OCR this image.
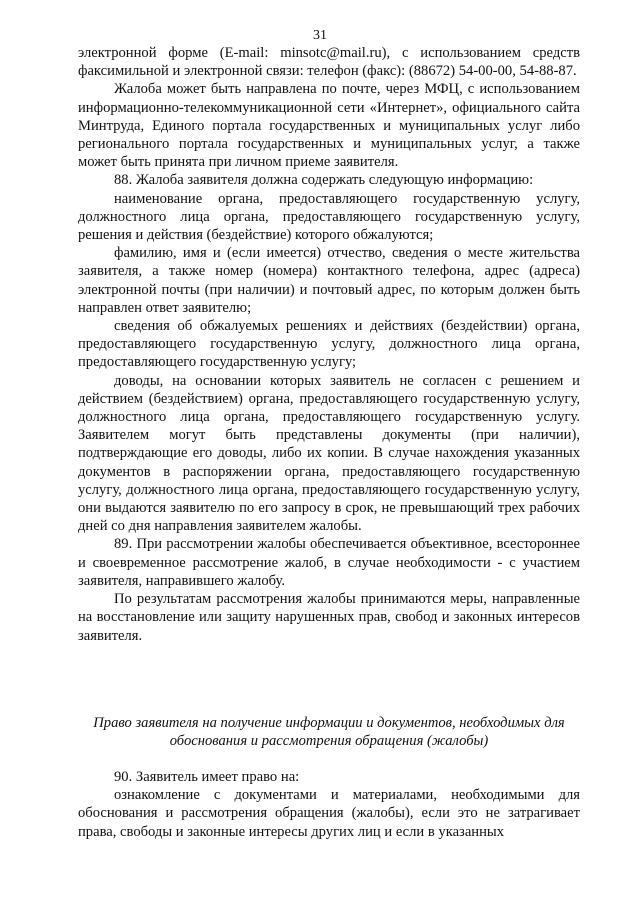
31

электронной форме (E-mail: minsotc@mail.ru), с использованием средств факсимильной и электронной связи: телефон (факс): (88672) 54-00-00, 54-88-87.

Жалоба может быть направлена по почте, через МФЦ, с использованием информационно-телекоммуникационной сети «Интернет», официального сайта Минтруда, Единого портала государственных и муниципальных услуг либо регионального портала государственных и муниципальных услуг, а также может быть принята при личном приеме заявителя.

88. Жалоба заявителя должна содержать следующую информацию:

наименование органа, предоставляющего государственную услугу, должностного лица органа, предоставляющего государственную услугу, решения и действия (бездействие) которого обжалуются;

фамилию, имя и (если имеется) отчество, сведения о месте жительства заявителя, а также номер (номера) контактного телефона, адрес (адреса) электронной почты (при наличии) и почтовый адрес, по которым должен быть направлен ответ заявителю;

сведения об обжалуемых решениях и действиях (бездействии) органа, предоставляющего государственную услугу, должностного лица органа, предоставляющего государственную услугу;

доводы, на основании которых заявитель не согласен с решением и действием (бездействием) органа, предоставляющего государственную услугу, должностного лица органа, предоставляющего государственную услугу. Заявителем могут быть представлены документы (при наличии), подтверждающие его доводы, либо их копии. В случае нахождения указанных документов в распоряжении органа, предоставляющего государственную услугу, должностного лица органа, предоставляющего государственную услугу, они выдаются заявителю по его запросу в срок, не превышающий трех рабочих дней со дня направления заявителем жалобы.

89. При рассмотрении жалобы обеспечивается объективное, всестороннее и своевременное рассмотрение жалоб, в случае необходимости - с участием заявителя, направившего жалобу.

По результатам рассмотрения жалобы принимаются меры, направленные на восстановление или защиту нарушенных прав, свобод и законных интересов заявителя.

Право заявителя на получение информации и документов, необходимых для обоснования и рассмотрения обращения (жалобы)

90. Заявитель имеет право на:

ознакомление с документами и материалами, необходимыми для обоснования и рассмотрения обращения (жалобы), если это не затрагивает права, свободы и законные интересы других лиц и если в указанных
